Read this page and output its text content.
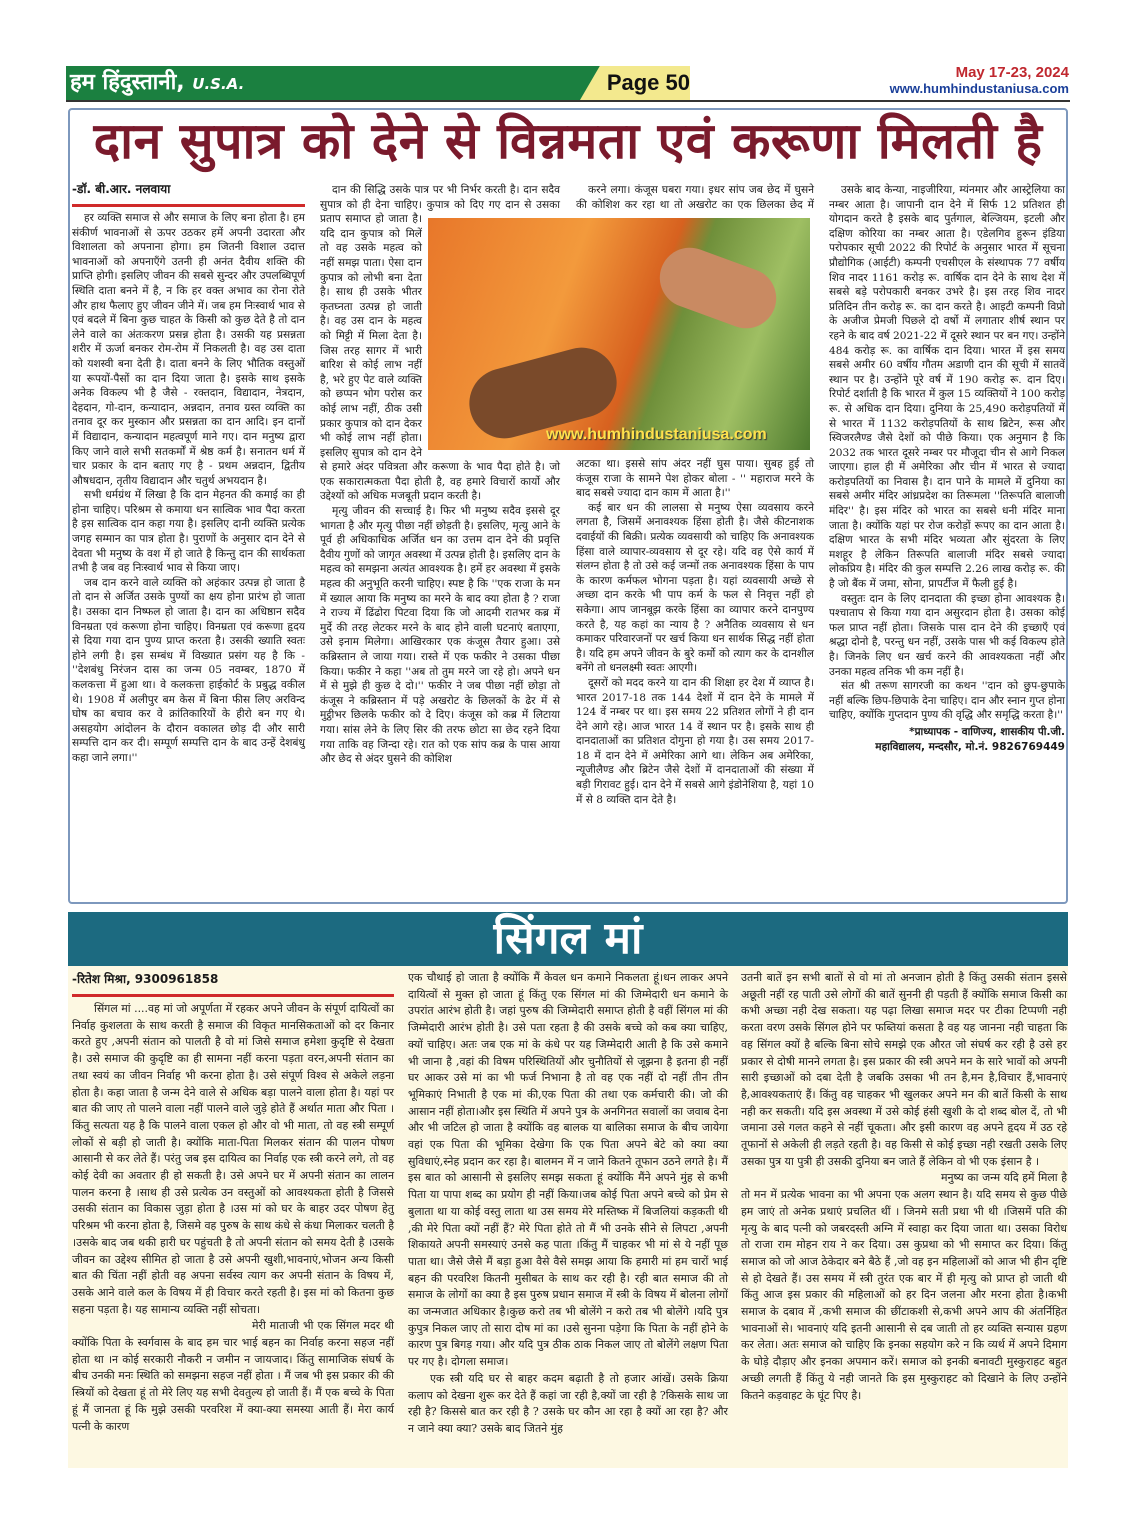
हम हिंदुस्तानी, U.S.A.	Page 50	May 17-23, 2024
www.humhindustaniusa.com
दान सुपात्र को देने से विन्नमता एवं करूणा मिलती है
-डॉ. बी.आर. नलवाया

हर व्यक्ति समाज से और समाज के लिए बना होता है। हम संकीर्ण भावनाओं से ऊपर उठकर हमें अपनी उदारता और विशालता को अपनाना होगा। हम जितनी विशाल उदात्त भावनाओं को अपनाएँगे उतनी ही अनंत दैवीय शक्ति की प्राप्ति होगी। इसलिए जीवन की सबसे सुन्दर और उपलब्धिपूर्ण स्थिति दाता बनने में है, न कि हर वक्त अभाव का रोना रोते और हाथ फैलाए हुए जीवन जीने में। जब हम निःस्वार्थ भाव से एवं बदले में बिना कुछ चाहत के किसी को कुछ देते है तो दान लेने वाले का अंतःकरण प्रसन्न होता है। उसकी यह प्रसन्नता शरीर में ऊर्जा बनकर रोम-रोम में निकलती है। वह उस दाता को यशस्वी बना देती है। दाता बनने के लिए भौतिक वस्तुओं या रूपयों-पैसों का दान दिया जाता है। इसके साथ इसके अनेक विकल्प भी है जैसे - रक्तदान, विद्यादान, नेत्रदान, देहदान, गो-दान, कन्यादान, अन्नदान, तनाव ग्रस्त व्यक्ति का तनाव दूर कर मुस्कान और प्रसन्नता का दान आदि। इन दानों में विद्यादान, कन्यादान महत्वपूर्ण माने गए। दान मनुष्य द्वारा किए जाने वाले सभी सतकर्मों में श्रेष्ठ कर्म है। सनातन धर्म में चार प्रकार के दान बताए गए है - प्रथम अन्नदान, द्वितीय औषधदान, तृतीय विद्यादान और चतुर्थ अभयदान है।

सभी धर्मग्रंथ में लिखा है कि दान मेहनत की कमाई का ही होना चाहिए। परिश्रम से कमाया धन सात्विक भाव पैदा करता है इस सात्विक दान कहा गया है। इसलिए दानी व्यक्ति प्रत्येक जगह सम्मान का पात्र होता है। पुराणों के अनुसार दान देने से देवता भी मनुष्य के वश में हो जाते है किन्तु दान की सार्थकता तभी है जब वह निःस्वार्थ भाव से किया जाए।

जब दान करने वाले व्यक्ति को अहंकार उत्पन्न हो जाता है तो दान से अर्जित उसके पुण्यों का क्षय होना प्रारंभ हो जाता है। उसका दान निष्फल हो जाता है। दान का अधिष्ठान सदैव विनम्रता एवं करूणा होना चाहिए। विनम्रता एवं करूणा हृदय से दिया गया दान पुण्य प्राप्त करता है। उसकी ख्याति स्वतः होने लगी है। इस सम्बंध में विख्यात प्रसंग यह है कि - ''देशबंधु निरंजन दास का जन्म 05 नवम्बर, 1870 में कलकत्ता में हुआ था। वे कलकत्ता हाईकोर्ट के प्रबुद्ध वकील थे। 1908 में अलीपुर बम केस में बिना फीस लिए अरविन्द घोष का बचाव कर वे क्रांतिकारियों के हीरो बन गए थे। असहयोग आंदोलन के दौरान वकालत छोड़ दी और सारी सम्पत्ति दान कर दी। सम्पूर्ण सम्पत्ति दान के बाद उन्हें देशबंधु कहा जाने लगा।''

दान की सिद्धि उसके पात्र पर भी निर्भर करती है। दान सदैव सुपात्र को ही देना चाहिए। कुपात्र को दिए गए दान से उसका प्रताप समाप्त हो जाता है। यदि दान कुपात्र को मिलें तो वह उसके महत्व को नहीं समझ पाता। ऐसा दान कुपात्र को लोभी बना देता है। साथ ही उसके भीतर कृतघ्नता उत्पन्न हो जाती है। वह उस दान के महत्व को मिट्टी में मिला देता है। जिस तरह सागर में भारी बारिश से कोई लाभ नहीं है, भरे हुए पेट वाले व्यक्ति को छप्पन भोग परोस कर कोई लाभ नहीं, ठीक उसी प्रकार कुपात्र को दान देकर भी कोई लाभ नहीं होता। इसलिए सुपात्र को दान देने से हमारे अंदर पवित्रता और करूणा के भाव पैदा होते है। जो एक सकारात्मकता पैदा होती है, वह हमारे विचारों कार्यो और उद्देश्यों को अधिक मजबूती प्रदान करती है।

मृत्यु जीवन की सच्चाई है। फिर भी मनुष्य सदैव इससे दूर भागता है और मृत्यु पीछा नहीं छोड़ती है। इसलिए, मृत्यु आने के पूर्व ही अधिकाधिक अर्जित धन का उत्तम दान देने की प्रवृत्ति दैवीय गुणों को जागृत अवस्था में उत्पन्न होती है। इसलिए दान के महत्व को समझना अत्यंत आवश्यक है। हमें हर अवस्था में इसके महत्व की अनुभूति करनी चाहिए। स्पष्ट है कि ''एक राजा के मन में ख्याल आया कि मनुष्य का मरने के बाद क्या होता है ? राजा ने राज्य में ढिंढोरा पिटवा दिया कि जो आदमी रातभर कब्र में मुर्दे की तरह लेटकर मरने के बाद होने वाली घटनाएं बताएगा, उसे इनाम मिलेगा। आखिरकार एक कंजूस तैयार हुआ। उसे कब्रिस्तान ले जाया गया। रास्ते में एक फकीर ने उसका पीछा किया। फकीर ने कहा ''अब तो तुम मरने जा रहे हो। अपने धन में से मुझे ही कुछ दे दो।'' फकीर ने जब पीछा नहीं छोड़ा तो कंजूस ने कब्रिस्तान में पड़े अखरोट के छिलकों के ढेर में से मुट्ठीभर छिलके फकीर को दे दिए। कंजूस को कब्र में लिटाया गया। सांस लेने के लिए सिर की तरफ छोटा सा छेद रहने दिया गया ताकि वह जिन्दा रहे। रात को एक सांप कब्र के पास आया और छेद से अंदर घुसने की कोशिश

करने लगा। कंजूस घबरा गया। इधर सांप जब छेद में घुसने की कोशिश कर रहा था तो अखरोट का एक छिलका छेद में अटका था। इससे सांप अंदर नहीं घुस पाया। सुबह हुई तो कंजूस राजा के सामने पेश होकर बोला - '' महाराज मरने के बाद सबसे ज्यादा दान काम में आता है।''

कई बार धन की लालसा से मनुष्य ऐसा व्यवसाय करने लगता है, जिसमें अनावश्यक हिंसा होती है। जैसे कीटनाशक दवाईयों की बिक्री। प्रत्येक व्यवसायी को चाहिए कि अनावश्यक हिंसा वाले व्यापार-व्यवसाय से दूर रहे। यदि वह ऐसे कार्य में संलग्न होता है तो उसे कई जन्मों तक अनावश्यक हिंसा के पाप के कारण कर्मफल भोगना पड़ता है। यहां व्यवसायी अच्छे से अच्छा दान करके भी पाप कर्म के फल से निवृत्त नहीं हो सकेगा। आप जानबूझ करके हिंसा का व्यापार करने दानपुण्य करते है, यह कहां का न्याय है ? अनैतिक व्यवसाय से धन कमाकर परिवारजनों पर खर्च किया धन सार्थक सिद्ध नहीं होता है। यदि हम अपने जीवन के बुरे कर्मो को त्याग कर के दानशील बनेंगे तो धनलक्ष्मी स्वतः आएगी।

दूसरों को मदद करने या दान की शिक्षा हर देश में व्याप्त है। भारत 2017-18 तक 144 देशों में दान देने के मामले में 124 वें नम्बर पर था। इस समय 22 प्रतिशत लोगों ने ही दान देने आगे रहे। आज भारत 14 वें स्थान पर है। इसके साथ ही दानदाताओं का प्रतिशत दोगुना हो गया है। उस समय 2017-18 में दान देने में अमेरिका आगे था। लेकिन अब अमेरिका, न्यूजीलैण्ड और ब्रिटेन जैसे देशों में दानदाताओं की संख्या में बड़ी गिरावट हुई। दान देने में सबसे आगे इंडोनेशिया है, यहां 10 में से 8 व्यक्ति दान देते है।

उसके बाद केन्या, नाइजीरिया, म्यंनमार और आस्ट्रेलिया का नम्बर आता है। जापानी दान देने में सिर्फ 12 प्रतिशत ही योगदान करते है इसके बाद पुर्तगाल, बेल्जियम, इटली और दक्षिण कोरिया का नम्बर आता है। एडेलगिव हुरून इंडिया परोपकार सूची 2022 की रिपोर्ट के अनुसार भारत में सूचना प्रौद्योगिक (आईटी) कम्पनी एचसीएल के संस्थापक 77 वर्षीय शिव नादर 1161 करोड़ रू. वार्षिक दान देने के साथ देश में सबसे बड़े परोपकारी बनकर उभरे है। इस तरह शिव नादर प्रतिदिन तीन करोड़ रू. का दान करते है। आइटी कम्पनी विप्रो के अजीज प्रेमजी पिछले दो वर्षो में लगातार शीर्ष स्थान पर रहने के बाद वर्ष 2021-22 में दूसरे स्थान पर बन गए। उन्होंने 484 करोड़ रू. का वार्षिक दान दिया। भारत में इस समय सबसे अमीर 60 वर्षीय गौतम अडाणी दान की सूची में सातवें स्थान पर है। उन्होंने पूरे वर्ष में 190 करोड़ रू. दान दिए। रिपोर्ट दर्शाती है कि भारत में कुल 15 व्यक्तियों ने 100 करोड़ रू. से अधिक दान दिया। दुनिया के 25,490 करोड़पतियों में से भारत में 1132 करोड़पतियों के साथ ब्रिटेन, रूस और स्विजरलैण्ड जैसे देशों को पीछे किया। एक अनुमान है कि 2032 तक भारत दूसरे नम्बर पर मौजूदा चीन से आगे निकल जाएगा। हाल ही में अमेरिका और चीन में भारत से ज्यादा करोड़पतियों का निवास है। दान पाने के मामले में दुनिया का सबसे अमीर मंदिर आंध्रप्रदेश का तिरूमला ''तिरूपति बालाजी मंदिर'' है। इस मंदिर को भारत का सबसे धनी मंदिर माना जाता है। क्योंकि यहां पर रोज करोड़ों रूपए का दान आता है। दक्षिण भारत के सभी मंदिर भव्यता और सुंदरता के लिए मशहूर है लेकिन तिरूपति बालाजी मंदिर सबसे ज्यादा लोकप्रिय है। मंदिर की कुल सम्पत्ति 2.26 लाख करोड़ रू. की है जो बैंक में जमा, सोना, प्रापर्टीज में फैली हुई है।

वस्तुतः दान के लिए दानदाता की इच्छा होना आवश्यक है। पश्चाताप से किया गया दान असुरदान होता है। उसका कोई फल प्राप्त नहीं होता। जिसके पास दान देने की इच्छाएँ एवं श्रद्धा दोनो है, परन्तु धन नहीं, उसके पास भी कई विकल्प होते है। जिनके लिए धन खर्च करने की आवश्यकता नहीं और उनका महत्व तनिक भी कम नहीं है।

संत श्री तरूण सागरजी का कथन ''दान को छुप-छुपाके नहीं बल्कि छिप-छिपाके देना चाहिए। दान और स्नान गुप्त होना चाहिए, क्योंकि गुप्तदान पुण्य की वृद्धि और समृद्धि करता है।''

*प्राध्यापक - वाणिज्य, शासकीय पी.जी.
महाविद्यालय, मन्दसौर, मो.नं. 9826769449
www.humhindustaniusa.com
सिंगल मां
-रितेश मिश्रा, 9300961858

सिंगल मां ....वह मां जो अपूर्णता में रहकर अपने जीवन के संपूर्ण दायित्वों का निर्वाह कुशलता के साथ करती है समाज की विकृत मानसिकताओं को दर किनार करते हुए ,अपनी संतान को पालती है वो मां जिसे समाज हमेशा कुदृष्टि से देखता है। उसे समाज की कुदृष्टि का ही सामना नहीं करना पड़ता वरन,अपनी संतान का तथा स्वयं का जीवन निर्वाह भी करना होता है। उसे संपूर्ण विश्व से अकेले लड़ना होता है। कहा जाता है जन्म देने वाले से अधिक बड़ा पालने वाला होता है। यहां पर बात की जाए तो पालने वाला नहीं पालने वाले जुड़े होते हैं अर्थात माता और पिता ।किंतु सत्यता यह है कि पालने वाला एकल हो और वो भी माता, तो वह स्त्री सम्पूर्ण लोकों से बड़ी हो जाती है। क्योंकि माता-पिता मिलकर संतान की पालन पोषण आसानी से कर लेते हैं। परंतु जब इस दायित्व का निर्वाह एक स्त्री करने लगे, तो वह कोई देवी का अवतार ही हो सकती है। उसे अपने घर में अपनी संतान का लालन पालन करना है ।साथ ही उसे प्रत्येक उन वस्तुओं को आवश्यकता होती है जिससे उसकी संतान का विकास जुड़ा होता है ।उस मां को घर के बाहर उदर पोषण हेतु परिश्रम भी करना होता है, जिसमे वह पुरुष के साथ कंधे से कंधा मिलाकर चलती है ।उसके बाद जब थकी हारी घर पहुंचती है तो अपनी संतान को समय देती है ।उसके जीवन का उद्देश्य सीमित हो जाता है उसे अपनी खुशी,भावनाएं,भोजन अन्य किसी बात की चिंता नहीं होती वह अपना सर्वस्व त्याग कर अपनी संतान के विषय में, उसके आने वाले कल के विषय में ही विचार करते रहती है। इस मां को कितना कुछ सहना पड़ता है। यह सामान्य व्यक्ति नहीं सोचता।

मेरी माताजी भी एक सिंगल मदर थी क्योंकि पिता के स्वर्गवास के बाद हम चार भाई बहन का निर्वाह करना सहज नहीं होता था ।न कोई सरकारी नौकरी न जमीन न जायजाद। किंतु सामाजिक संघर्ष के बीच उनकी मनः स्थिति को समझना सहज नहीं होता । मैं जब भी इस प्रकार की की स्त्रियों को देखता हूं तो मेरे लिए यह सभी देवतुल्य हो जाती हैं। मैं एक बच्चे के पिता हूं मैं जानता हूं कि मुझे उसकी परवरिश में क्या-क्या समस्या आती हैं। मेरा कार्य पत्नी के कारण

एक चौथाई हो जाता है क्योंकि मैं केवल धन कमाने निकलता हूं।धन लाकर अपने दायित्वों से मुक्त हो जाता हूं किंतु एक सिंगल मां की जिम्मेदारी धन कमाने के उपरांत आरंभ होती है। जहां पुरुष की जिम्मेदारी समाप्त होती है वहीं सिंगल मां की जिम्मेदारी आरंभ होती है। उसे पता रहता है की उसके बच्चे को कब क्या चाहिए, क्यों चाहिए। अतः जब एक मां के कंधे पर यह जिम्मेदारी आती है कि उसे कमाने भी जाना है ,वहां की विषम परिस्थितियों और चुनौतियों से जूझना है इतना ही नहीं घर आकर उसे मां का भी फर्ज निभाना है तो वह एक नहीं दो नहीं तीन तीन भूमिकाएं निभाती है एक मां की,एक पिता की तथा एक कर्मचारी की। जो की आसान नहीं होता।और इस स्थिति में अपने पुत्र के अनगिनत सवालों का जवाब देना और भी जटिल हो जाता है क्योंकि वह बालक या बालिका समाज के बीच जायेगा वहां एक पिता की भूमिका देखेगा कि एक पिता अपने बेटे को क्या क्या सुविधाएं,स्नेह प्रदान कर रहा है। बालमन में न जाने कितने तूफान उठने लगते है। मैं इस बात को आसानी से इसलिए समझ सकता हूं क्योंकि मैंने अपने मुंह से कभी पिता या पापा शब्द का प्रयोग ही नहीं किया।जब कोई पिता अपने बच्चे को प्रेम से बुलाता था या कोई वस्तु लाता था उस समय मेरे मस्तिष्क में बिजलियां कड़कती थी ,की मेरे पिता क्यों नहीं हैं? मेरे पिता होते तो मैं भी उनके सीने से लिपटा ,अपनी शिकायते अपनी समस्याएं उनसे कह पाता ।किंतु मैं चाहकर भी मां से ये नहीं पूछ पाता था। जैसे जैसे मैं बड़ा हुआ वैसे वैसे समझ आया कि हमारी मां हम चारों भाई बहन की परवरिश कितनी मुसीबत के साथ कर रही है। रही बात समाज की तो समाज के लोगों का क्या है इस पुरुष प्रधान समाज में स्त्री के विषय में बोलना लोगों का जन्मजात अधिकार है।कुछ करो तब भी बोलेंगे न करो तब भी बोलेंगे ।यदि पुत्र कुपुत्र निकल जाए तो सारा दोष मां का ।उसे सुनना पड़ेगा कि पिता के नहीं होने के कारण पुत्र बिगड़ गया। और यदि पुत्र ठीक ठाक निकल जाए तो बोलेंगे लक्षण पिता पर गए है। दोगला समाज।

एक स्त्री यदि घर से बाहर कदम बढ़ाती है तो हजार आंखें। उसके क्रिया कलाप को देखना शुरू कर देते हैं कहां जा रही है,क्यों जा रही है ?किसके साथ जा रही है? किससे बात कर रही है ? उसके घर कौन आ रहा है क्यों आ रहा है? और न जाने क्या क्या? उसके बाद जितने मुंह

उतनी बातें इन सभी बातों से वो मां तो अनजान होती है किंतु उसकी संतान इससे अछूती नहीं रह पाती उसे लोगों की बातें सुननी ही पड़ती हैं क्योंकि समाज किसी का कभी अच्छा नही देख सकता। यह पढ़ा लिखा समाज मदर पर टीका टिप्पणी नही करता वरण उसके सिंगल होने पर फब्तियां कसता है वह यह जानना नही चाहता कि वह सिंगल क्यों है बल्कि बिना सोचे समझे एक औरत जो संघर्ष कर रही है उसे हर प्रकार से दोषी मानने लगता है। इस प्रकार की स्त्री अपने मन के सारे भावों को अपनी सारी इच्छाओं को दबा देती है जबकि उसका भी तन है,मन है,विचार हैं,भावनाएं है,आवश्यकताएं हैं। किंतु वह चाहकर भी खुलकर अपने मन की बातें किसी के साथ नही कर सकती। यदि इस अवस्था में उसे कोई हंसी खुशी के दो शब्द बोल दें, तो भी जमाना उसे गलत कहने से नहीं चूकता। और इसी कारण वह अपने हृदय में उठ रहे तूफानों से अकेली ही लड़ते रहती है। वह किसी से कोई इच्छा नही रखती उसके लिए उसका पुत्र या पुत्री ही उसकी दुनिया बन जाते हैं लेकिन वो भी एक इंसान है ।

मनुष्य का जन्म यदि हमें मिला है तो मन में प्रत्येक भावना का भी अपना एक अलग स्थान है। यदि समय से कुछ पीछे हम जाएं तो अनेक प्रथाएं प्रचलित थीं । जिनमे सती प्रथा भी थी ।जिसमें पति की मृत्यु के बाद पत्नी को जबरदस्ती अग्नि में स्वाहा कर दिया जाता था। उसका विरोध तो राजा राम मोहन राय ने कर दिया। उस कुप्रथा को भी समाप्त कर दिया। किंतु समाज को जो आज ठेकेदार बने बैठे हैं ,जो वह इन महिलाओं को आज भी हीन दृष्टि से हो देखते हैं। उस समय में स्त्री तुरंत एक बार में ही मृत्यु को प्राप्त हो जाती थी किंतु आज इस प्रकार की महिलाओं को हर दिन जलना और मरना होता है।कभी समाज के दबाव में ,कभी समाज की छींटाकशी से,कभी अपने आप की अंतर्निहित भावनाओं से। भावनाएं यदि इतनी आसानी से दब जाती तो हर व्यक्ति सन्यास ग्रहण कर लेता। अतः समाज को चाहिए कि इनका सहयोग करे न कि व्यर्थ में अपने दिमाग के घोड़े दौड़ाए और इनका अपमान करें। समाज को इनकी बनावटी मुस्कुराहट बहुत अच्छी लगती हैं किंतु ये नही जानते कि इस मुस्कुराहट को दिखाने के लिए उन्होंने कितने कड़वाहट के घूंट पिए है।
